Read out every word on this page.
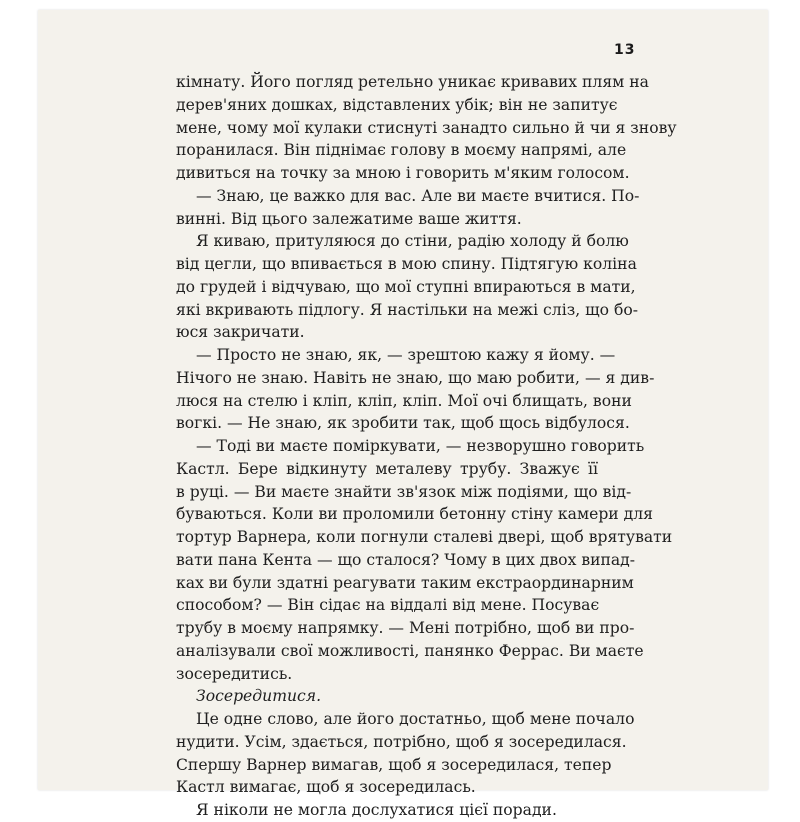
13
кімнату. Його погляд ретельно уникає кривавих плям на
дерев'яних дошках, відставлених убік; він не запитує
мене, чому мої кулаки стиснуті занадто сильно й чи я знову
поранилася. Він піднімає голову в моєму напрямі, але
дивиться на точку за мною і говорить м'яким голосом.
— Знаю, це важко для вас. Але ви маєте вчитися. По-
винні. Від цього залежатиме ваше життя.
Я киваю, притуляюся до стіни, радію холоду й болю
від цегли, що впивається в мою спину. Підтягую коліна
до грудей і відчуваю, що мої ступні впираються в мати,
які вкривають підлогу. Я настільки на межі сліз, що бо-
юся закричати.
— Просто не знаю, як, — зрештою кажу я йому. —
Нічого не знаю. Навіть не знаю, що маю робити, — я див-
люся на стелю і кліп, кліп, кліп. Мої очі блищать, вони
вогкі. — Не знаю, як зробити так, щоб щось відбулося.
— Тоді ви маєте поміркувати, — незворушно говорить
Кастл. Бере відкинуту металеву трубу. Зважує її
в руці. — Ви маєте знайти зв'язок між подіями, що від-
буваються. Коли ви проломили бетонну стіну камери для
тортур Варнера, коли погнули сталеві двері, щоб врятувати
вати пана Кента — що сталося? Чому в цих двох випад-
ках ви були здатні реагувати таким екстраординарним
способом? — Він сідає на віддалі від мене. Посуває
трубу в моєму напрямку. — Мені потрібно, щоб ви про-
аналізували свої можливості, панянко Феррас. Ви маєте
зосередитись.
Зосередитися.
Це одне слово, але його достатньо, щоб мене почало
нудити. Усім, здається, потрібно, щоб я зосередилася.
Спершу Варнер вимагав, щоб я зосередилася, тепер
Кастл вимагає, щоб я зосередилась.
Я ніколи не могла дослухатися цієї поради.
